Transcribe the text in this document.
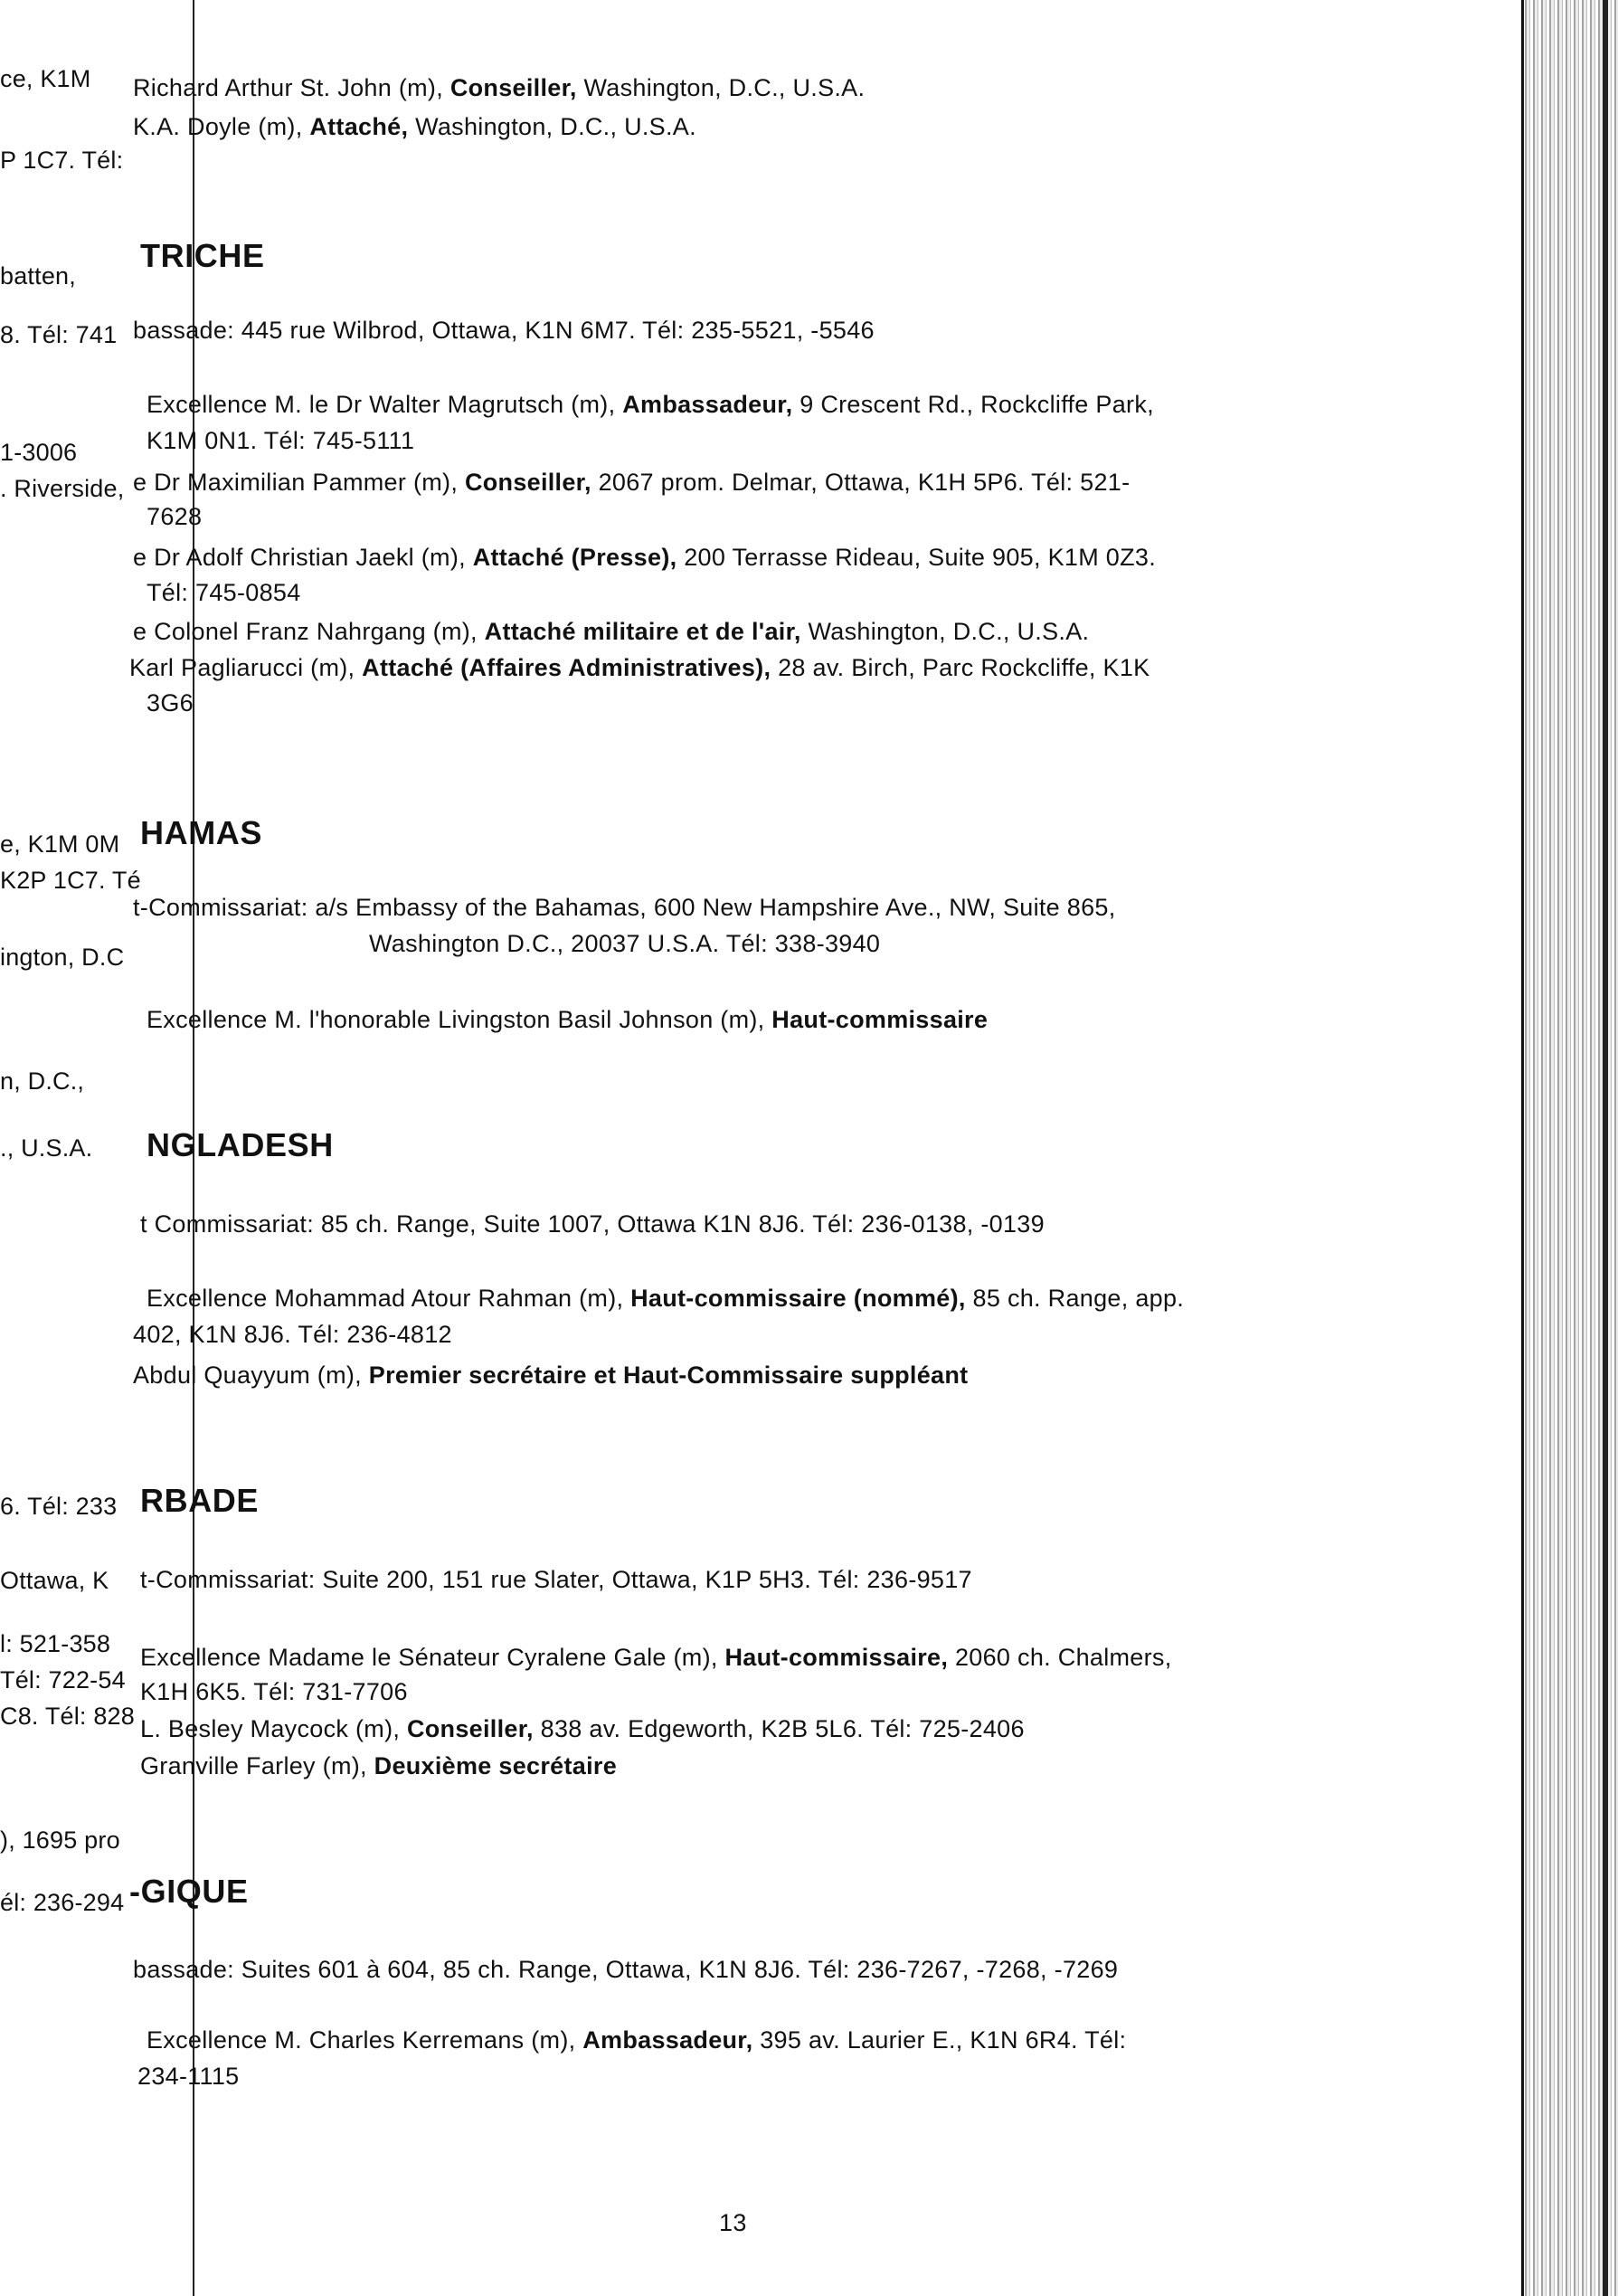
ce, K1M
P 1C7. Tél:
batten,
8. Tél: 741
1-3006
. Riverside,
e, K1M 0M
K2P 1C7. Té
ington, D.C
n, D.C.,
., U.S.A.
6. Tél: 233
Ottawa, K
l: 521-358
Tél: 722-54
C8. Tél: 828
), 1695 pro
él: 236-294
Richard Arthur St. John (m), Conseiller, Washington, D.C., U.S.A.
K.A. Doyle (m), Attaché, Washington, D.C., U.S.A.
TRICHE
bassade: 445 rue Wilbrod, Ottawa, K1N 6M7. Tél: 235-5521, -5546
Excellence M. le Dr Walter Magrutsch (m), Ambassadeur, 9 Crescent Rd., Rockcliffe Park,
K1M 0N1. Tél: 745-5111
e Dr Maximilian Pammer (m), Conseiller, 2067 prom. Delmar, Ottawa, K1H 5P6. Tél: 521-
7628
e Dr Adolf Christian Jaekl (m), Attaché (Presse), 200 Terrasse Rideau, Suite 905, K1M 0Z3.
Tél: 745-0854
e Colonel Franz Nahrgang (m), Attaché militaire et de l'air, Washington, D.C., U.S.A.
Karl Pagliarucci (m), Attaché (Affaires Administratives), 28 av. Birch, Parc Rockcliffe, K1K
3G6
HAMAS
t-Commissariat: a/s Embassy of the Bahamas, 600 New Hampshire Ave., NW, Suite 865,
Washington D.C., 20037 U.S.A. Tél: 338-3940
Excellence M. l'honorable Livingston Basil Johnson (m), Haut-commissaire
NGLADESH
t Commissariat: 85 ch. Range, Suite 1007, Ottawa K1N 8J6. Tél: 236-0138, -0139
Excellence Mohammad Atour Rahman (m), Haut-commissaire (nommé), 85 ch. Range, app.
402, K1N 8J6. Tél: 236-4812
Abdul Quayyum (m), Premier secrétaire et Haut-Commissaire suppléant
RBADE
t-Commissariat: Suite 200, 151 rue Slater, Ottawa, K1P 5H3. Tél: 236-9517
Excellence Madame le Sénateur Cyralene Gale (m), Haut-commissaire, 2060 ch. Chalmers,
K1H 6K5. Tél: 731-7706
L. Besley Maycock (m), Conseiller, 838 av. Edgeworth, K2B 5L6. Tél: 725-2406
Granville Farley (m), Deuxième secrétaire
-GIQUE
bassade: Suites 601 à 604, 85 ch. Range, Ottawa, K1N 8J6. Tél: 236-7267, -7268, -7269
Excellence M. Charles Kerremans (m), Ambassadeur, 395 av. Laurier E., K1N 6R4. Tél:
234-1115
13
